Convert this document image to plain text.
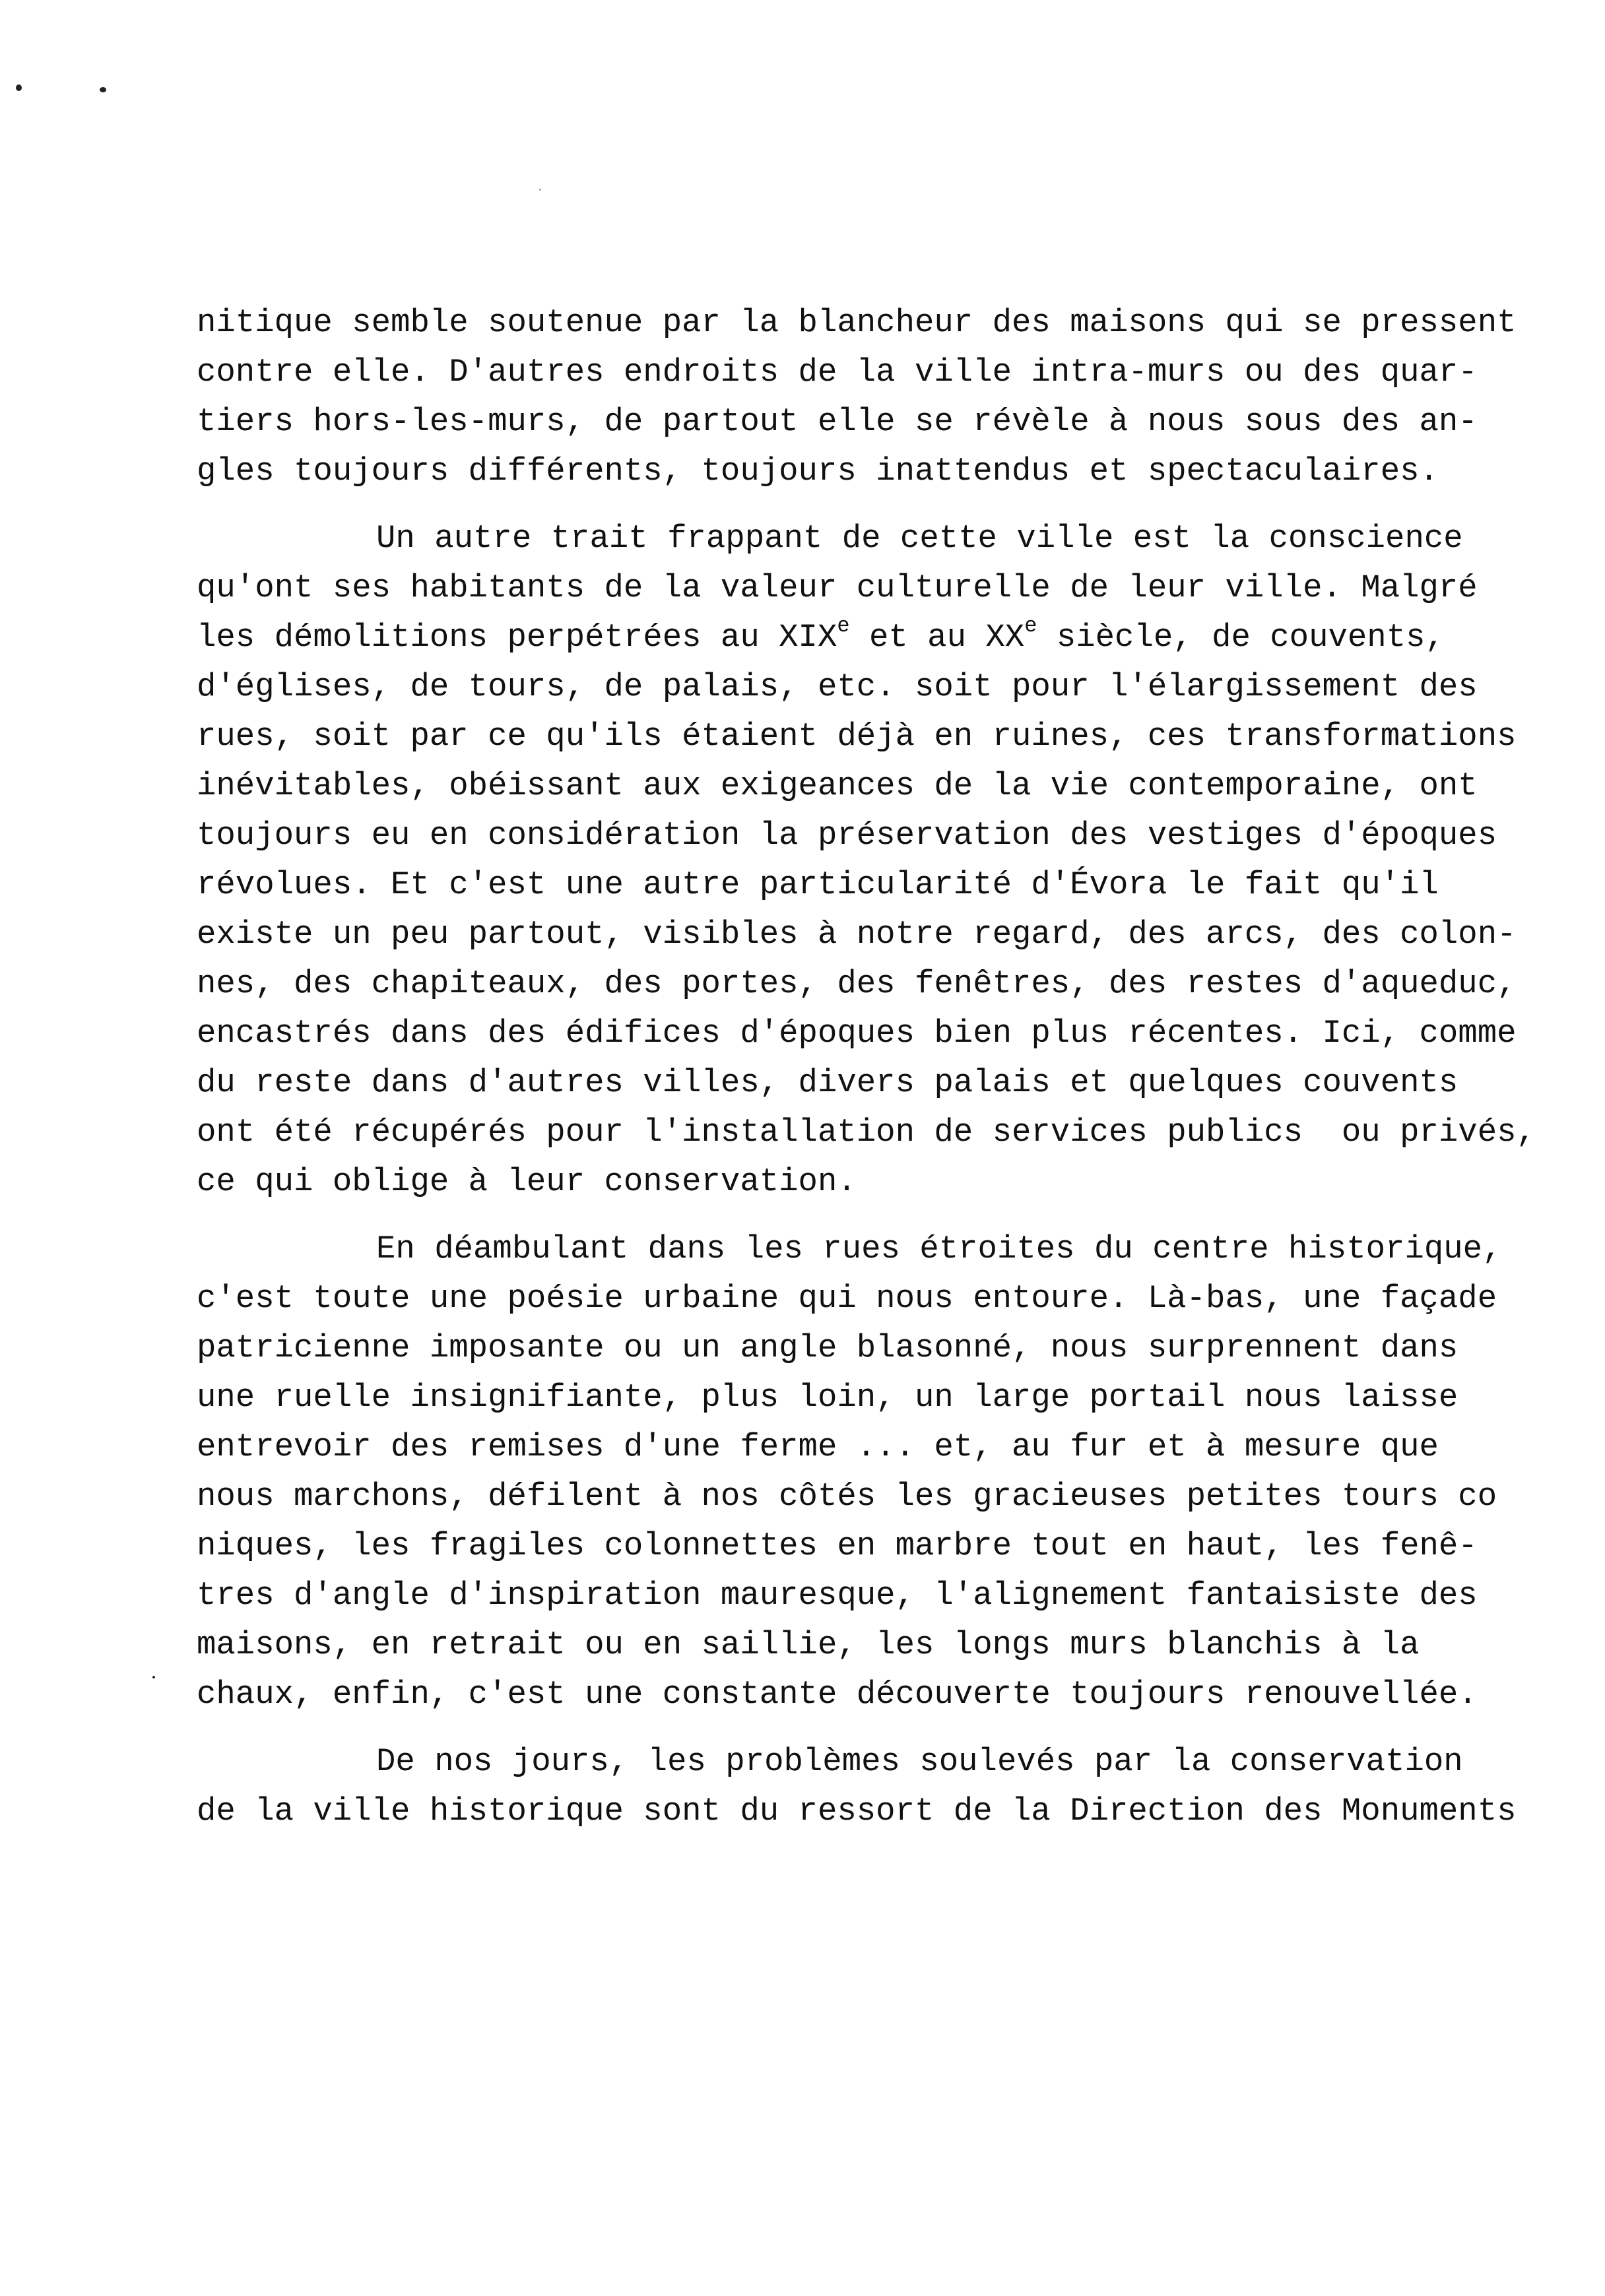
nitique semble soutenue par la blancheur des maisons qui se pressent
contre elle. D'autres endroits de la ville intra-murs ou des quar-
tiers hors-les-murs, de partout elle se révèle à nous sous des an-
gles toujours différents, toujours inattendus et spectaculaires.
Un autre trait frappant de cette ville est la conscience
qu'ont ses habitants de la valeur culturelle de leur ville. Malgré
les démolitions perpétrées au XIXe et au XXe siècle, de couvents,
d'églises, de tours, de palais, etc. soit pour l'élargissement des
rues, soit par ce qu'ils étaient déjà en ruines, ces transformations
inévitables, obéissant aux exigeances de la vie contemporaine, ont
toujours eu en considération la préservation des vestiges d'époques
révolues. Et c'est une autre particularité d'Évora le fait qu'il
existe un peu partout, visibles à notre regard, des arcs, des colon-
nes, des chapiteaux, des portes, des fenêtres, des restes d'aqueduc,
encastrés dans des édifices d'époques bien plus récentes. Ici, comme
du reste dans d'autres villes, divers palais et quelques couvents
ont été récupérés pour l'installation de services publics  ou privés,
ce qui oblige à leur conservation.
En déambulant dans les rues étroites du centre historique,
c'est toute une poésie urbaine qui nous entoure. Là-bas, une façade
patricienne imposante ou un angle blasonné, nous surprennent dans
une ruelle insignifiante, plus loin, un large portail nous laisse
entrevoir des remises d'une ferme ... et, au fur et à mesure que
nous marchons, défilent à nos côtés les gracieuses petites tours co
niques, les fragiles colonnettes en marbre tout en haut, les fenê-
tres d'angle d'inspiration mauresque, l'alignement fantaisiste des
maisons, en retrait ou en saillie, les longs murs blanchis à la
chaux, enfin, c'est une constante découverte toujours renouvellée.
De nos jours, les problèmes soulevés par la conservation
de la ville historique sont du ressort de la Direction des Monuments
